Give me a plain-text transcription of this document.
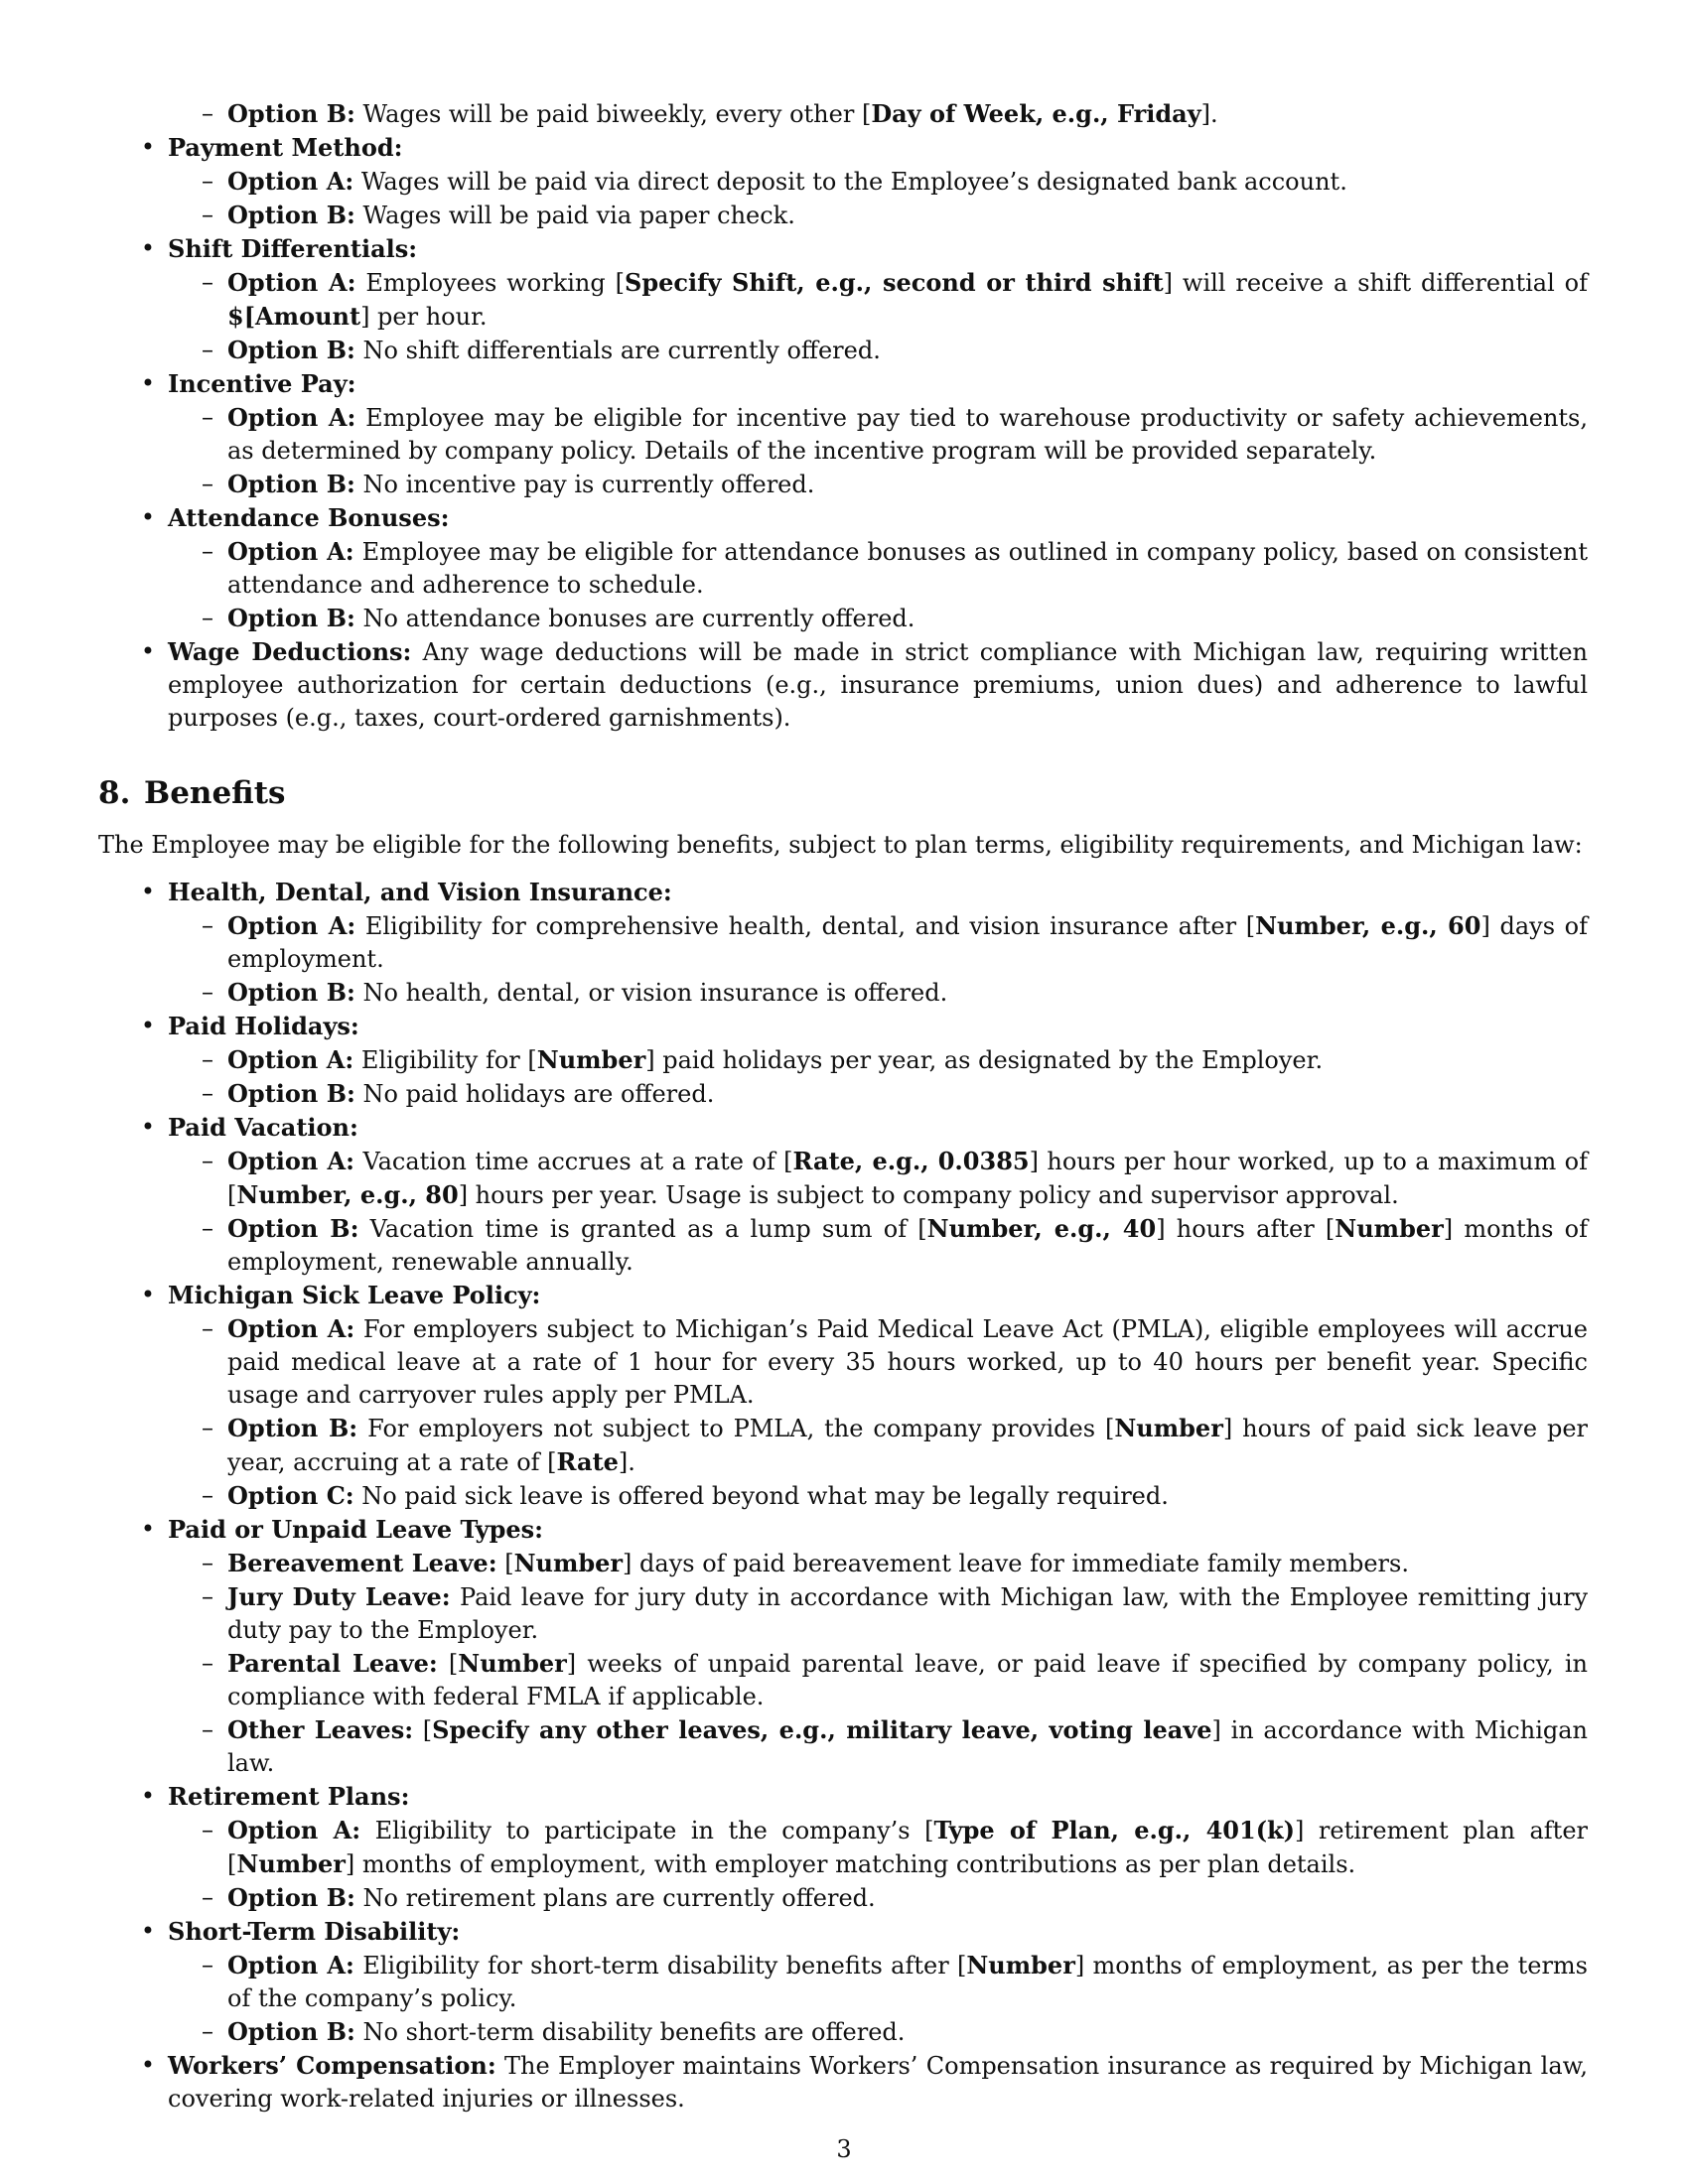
– Option B: Wages will be paid biweekly, every other [Day of Week, e.g., Friday].
• Payment Method:
– Option A: Wages will be paid via direct deposit to the Employee’s designated bank account.
– Option B: Wages will be paid via paper check.
• Shift Differentials:
– Option A: Employees working [Specify Shift, e.g., second or third shift] will receive a shift differential of $[Amount] per hour.
– Option B: No shift differentials are currently offered.
• Incentive Pay:
– Option A: Employee may be eligible for incentive pay tied to warehouse productivity or safety achievements, as determined by company policy. Details of the incentive program will be provided separately.
– Option B: No incentive pay is currently offered.
• Attendance Bonuses:
– Option A: Employee may be eligible for attendance bonuses as outlined in company policy, based on consistent attendance and adherence to schedule.
– Option B: No attendance bonuses are currently offered.
• Wage Deductions: Any wage deductions will be made in strict compliance with Michigan law, requiring written employee authorization for certain deductions (e.g., insurance premiums, union dues) and adherence to lawful purposes (e.g., taxes, court-ordered garnishments).
8. Benefits

The Employee may be eligible for the following benefits, subject to plan terms, eligibility requirements, and Michigan law:

• Health, Dental, and Vision Insurance:
– Option A: Eligibility for comprehensive health, dental, and vision insurance after [Number, e.g., 60] days of employment.
– Option B: No health, dental, or vision insurance is offered.
• Paid Holidays:
– Option A: Eligibility for [Number] paid holidays per year, as designated by the Employer.
– Option B: No paid holidays are offered.
• Paid Vacation:
– Option A: Vacation time accrues at a rate of [Rate, e.g., 0.0385] hours per hour worked, up to a maximum of [Number, e.g., 80] hours per year. Usage is subject to company policy and supervisor approval.
– Option B: Vacation time is granted as a lump sum of [Number, e.g., 40] hours after [Number] months of employment, renewable annually.
• Michigan Sick Leave Policy:
– Option A: For employers subject to Michigan’s Paid Medical Leave Act (PMLA), eligible employees will accrue paid medical leave at a rate of 1 hour for every 35 hours worked, up to 40 hours per benefit year. Specific usage and carryover rules apply per PMLA.
– Option B: For employers not subject to PMLA, the company provides [Number] hours of paid sick leave per year, accruing at a rate of [Rate].
– Option C: No paid sick leave is offered beyond what may be legally required.
• Paid or Unpaid Leave Types:
– Bereavement Leave: [Number] days of paid bereavement leave for immediate family members.
– Jury Duty Leave: Paid leave for jury duty in accordance with Michigan law, with the Employee remitting jury duty pay to the Employer.
– Parental Leave: [Number] weeks of unpaid parental leave, or paid leave if specified by company policy, in compliance with federal FMLA if applicable.
– Other Leaves: [Specify any other leaves, e.g., military leave, voting leave] in accordance with Michigan law.
• Retirement Plans:
– Option A: Eligibility to participate in the company’s [Type of Plan, e.g., 401(k)] retirement plan after [Number] months of employment, with employer matching contributions as per plan details.
– Option B: No retirement plans are currently offered.
• Short-Term Disability:
– Option A: Eligibility for short-term disability benefits after [Number] months of employment, as per the terms of the company’s policy.
– Option B: No short-term disability benefits are offered.
• Workers’ Compensation: The Employer maintains Workers’ Compensation insurance as required by Michigan law, covering work-related injuries or illnesses.
3
